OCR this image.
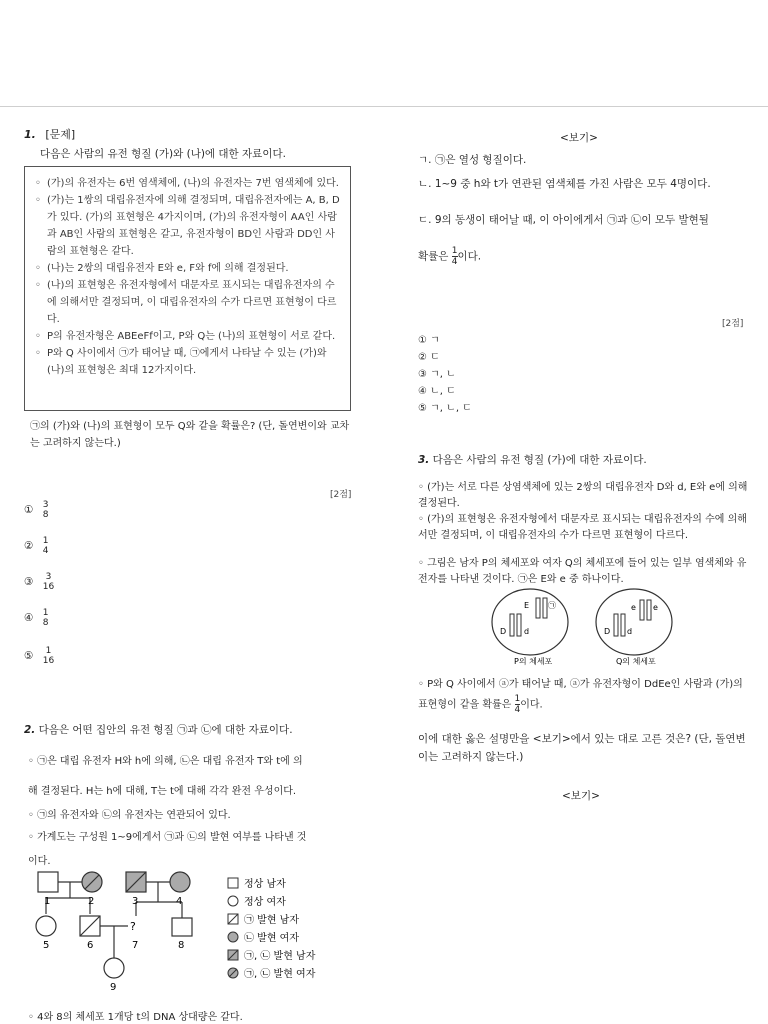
1. [문제]
다음은 사람의 유전 형질 (가)와 (나)에 대한 자료이다.
◦ (가)의 유전자는 6번 염색체에, (나)의 유전자는 7번 염색체에 있다.
◦ (가)는 1쌍의 대립유전자에 의해 결정되며, 대립유전자에는 A, B, D가 있다. (가)의 표현형은 4가지이며, (가)의 유전자형이 AA인 사람과 AB인 사람의 표현형은 같고, 유전자형이 BD인 사람과 DD인 사람의 표현형은 같다.
◦ (나)는 2쌍의 대립유전자 E와 e, F와 f에 의해 결정된다.
◦ (나)의 표현형은 유전자형에서 대문자로 표시되는 대립유전자의 수에 의해서만 결정되며, 이 대립유전자의 수가 다르면 표현형이 다르다.
◦ P의 유전자형은 ABEeFf이고, P와 Q는 (나)의 표현형이 서로 같다.
◦ P와 Q 사이에서 ㉠가 태어날 때, ㉠에게서 나타날 수 있는 (가)와 (나)의 표현형은 최대 12가지이다.
㉠의 (가)와 (나)의 표현형이 모두 Q와 같을 확률은? (단, 돌연변이와 교차는 고려하지 않는다.)
[2점]
① 3
8
② 1
4
③	3
16
④ 1
8
⑤	1
16
2. 다음은 어떤 집안의 유전 형질 ㉠과 ㉡에 대한 자료이다.
◦ ㉠은 대립 유전자 H와 h에 의해, ㉡은 대립 유전자 T와 t에 의
해 결정된다. H는 h에 대해, T는 t에 대해 각각 완전 우성이다.
◦ ㉠의 유전자와 ㉡의 유전자는 연관되어 있다.
◦ 가계도는 구성원 1~9에게서 ㉠과 ㉡의 발현 여부를 나타낸 것
이다.
?
1	2	3	4
5	6	7	8
9
정상 남자
정상 여자
㉠ 발현 남자
㉡ 발현 여자
㉠, ㉡ 발현 남자
㉠, ㉡ 발현 여자
◦ 4와 8의 체세포 1개당 t의 DNA 상대량은 같다.
<보기>
ㄱ. ㉠은 열성 형질이다.
ㄴ. 1~9 중 h와 t가 연관된 염색체를 가진 사람은 모두 4명이다.
ㄷ. 9의 동생이 태어날 때, 이 아이에게서 ㉠과 ㉡이 모두 발현될
확률은 $\frac{1}{4}$ 이다.
[2점]
① ㄱ
② ㄷ
③ ㄱ, ㄴ
④ ㄴ, ㄷ
⑤ ㄱ, ㄴ, ㄷ
3. 다음은 사람의 유전 형질 (가)에 대한 자료이다.
◦ (가)는 서로 다른 상염색체에 있는 2쌍의 대립유전자 D와 d, E와 e에 의해 결정된다.
◦ (가)의 표현형은 유전자형에서 대문자로 표시되는 대립유전자의 수에 의해서만 결정되며, 이 대립유전자의 수가 다르면 표현형이 다르다.
◦ 그림은 남자 P의 체세포와 여자 Q의 체세포에 들어 있는 일부 염색체와 유전자를 나타낸 것이다. ㉠은 E와 e 중 하나이다.
D d
E ㉠
D d
e e
P의 체세포	Q의 체세포
◦ P와 Q 사이에서 ⓐ가 태어날 때, ⓐ가 유전자형이 DdEe인 사람과 (가)의 표현형이 같을 확률은 $\frac{1}{4}$ 이다.
이에 대한 옳은 설명만을 <보기>에서 있는 대로 고른 것은? (단, 돌연변이는 고려하지 않는다.)
<보기>
